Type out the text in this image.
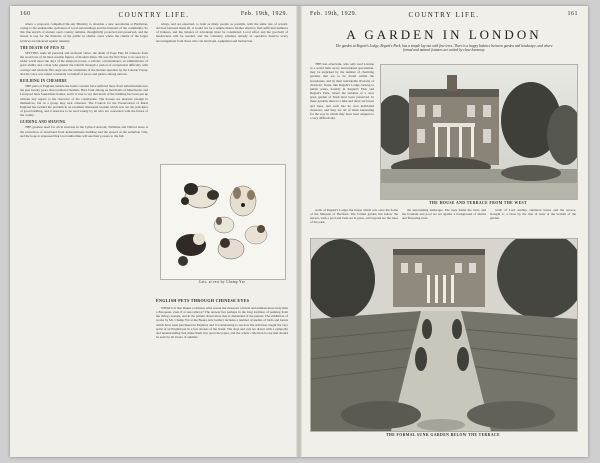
160	COUNTRY LIFE.	Feb. 19th, 1929.

where a proposal, compelled the Air Ministry to abandon a new aerodrome at Harmston, owing to the undesirable spoliation of local surroundings and the interests of the community. So this fine stretch of ancient open country remains, thoughtfully protected and preserved, and the lesson is one for the interests of the public in similar cases where the claims of the larger services are balanced against amenity.

THE DEATH OF PIUS XI

SETTING aside all personal and sectional views, the death of Pope Pius XI removes from the world one of its most notable figures of modern times. He was the first Pope to be seen by a wider world since the days of the temporal power, a scholar, a mountaineer, an administrator of great ability and a man who guided the Church through a period of exceptional difficulty with courage and wisdom. His reign saw the settlement of the Roman question by the Lateran Treaty, and his voice was raised constantly on behalf of peace and justice among nations.

BUILDING IN CHESHIRE

THE parts of England outside the home counties have suffered more from suburbanisation in the past twenty years than northern Cheshire. Here farm among us merchants of Manchester and Liverpool have found their homes, and it is true to say that much of the building has been put up without any regard to the character of the countryside. The houses are pleasant enough in themselves, but as a group they lack cohesion. The Council for the Preservation of Rural England has tackled the problem in an excellent illustrated booklet which sets out the principles of good building, and it deserves to be read widely by all who are concerned with the future of the county.

GUIDING AND SHAVING

THE greatest need for all in increase in the Lyme-Cotswold, Wiltshire and Oxford areas is the protection of downland from indiscriminate building and the spread of the suburban villa, and the hope is expressed that local authorities will use their powers to the full.

wings, and are expected, to train as many people as possible, with the same rate of reward. Arrived between them all, it would not be a simple matter further afield to find sufficient numbers of trainees, and the balance of advantage must be considered. Local effort and the goodwill of landowners will be needed, and the voluntary schemes already in operation deserve every encouragement from those who can lend land, equipment and instruction.

Cats, at rest by Champ Yre
ENGLISH PETS THROUGH CHINESE EYES

WHAT is it that makes a Chinese artist reveal the character of birds and animals more truly than a European, even if at one remove? The answer lies perhaps in the long tradition of painting from the living creature, and in the patient observation that is demanded of the painter. The exhibition of works by Mr. Champ Yre at the Beaux Arts Gallery includes a number of studies of birds and beasts which have been purchased in England, and it is interesting to see how the artist has caught the very spirit of an English pet in a few strokes of the brush. The dogs and cats are drawn with a sympathy and understanding that make them live upon the paper, and the whole collection is one that should be seen by all lovers of animals.

Feb. 19th, 1929.	COUNTRY LIFE.	161
A GARDEN IN LONDON
The garden at Regent's Lodge, Regent's Park, has a simple lay-out with fine trees. There is a happy balance between garden and landscape, and where formal and natural features are united by close harmony.

THE less observant, who only read London as a world built up by unrestrained speculation, may be surprised by the number of charming gardens that are to be found within the boundaries, and by their remarkable diversity of character. Some, like Regent's Lodge, belong to public parks, notably in Regent's Park and Regent's Park, where the remains of a once great garden of Nash have been preserved. In these gardens there is a lake and there are lawns and trees, and each has its own individual character, and they are all of them interesting for the way in which they have been adapted to a very difficult site.

THE HOUSE AND TERRACE FROM THE WEST

walls of Regent's Lodge, the house which was once the home of the Marquis of Hertford. The formal garden lies below the terrace, with a pool and beds set in grass, and beyond are the trees of the park.

the surrounding landscape. The trees frame the view, and the fountain and pool are set against a background of shrubs and flowering trees.

walls of Lord Audley, sheltered lawns and the terrace, brought to a close by the line of trees at the bottom of the garden.

THE FORMAL SUNK GARDEN BELOW THE TERRACE
